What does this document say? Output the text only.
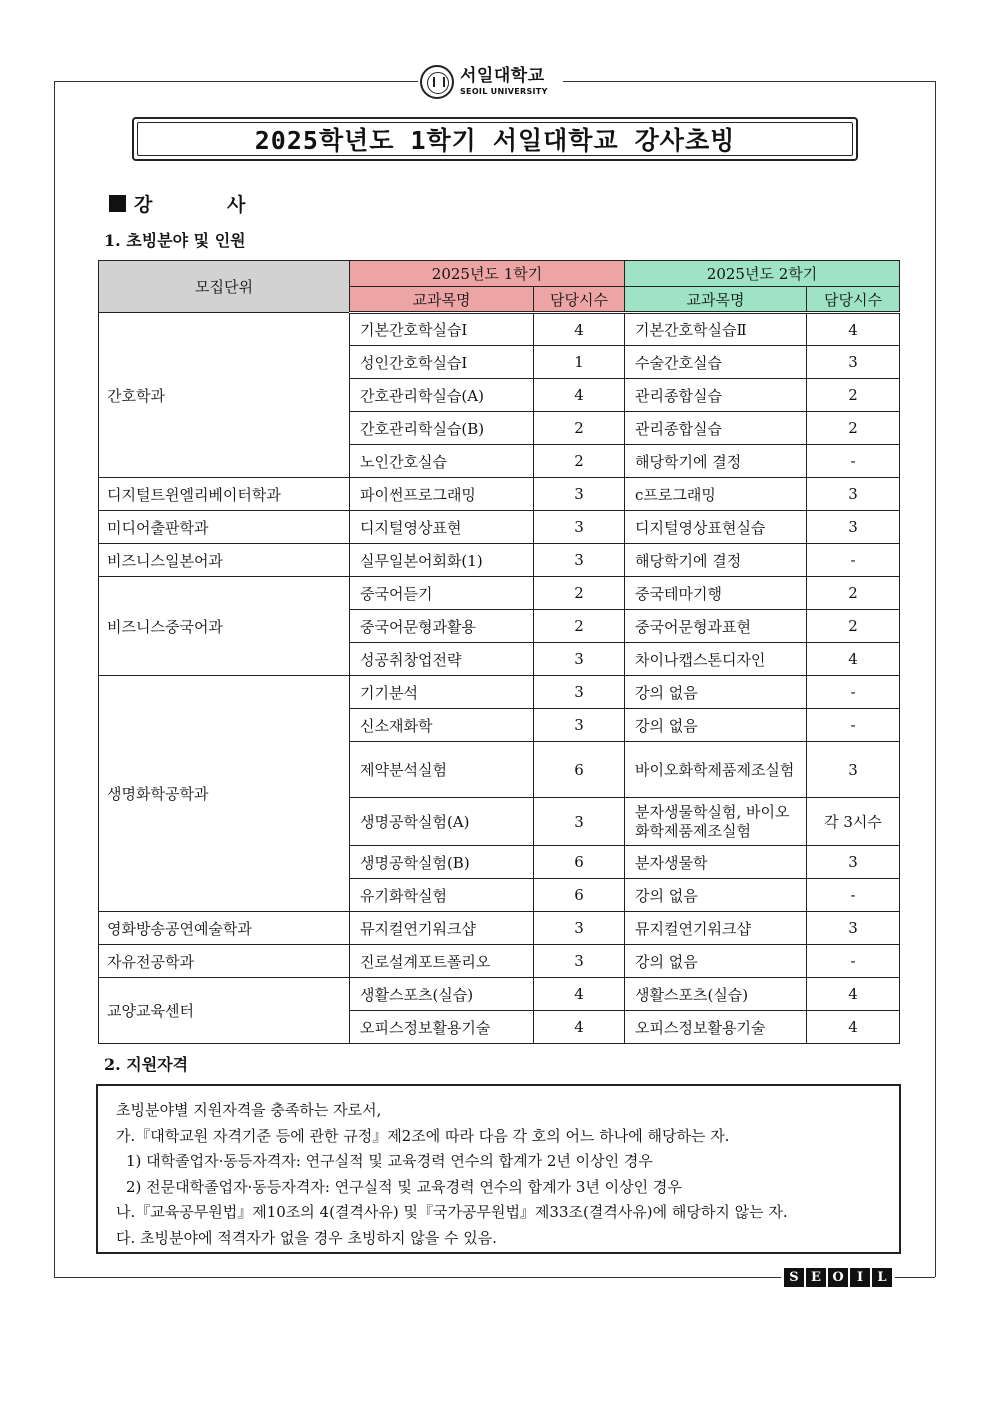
서일대학교
SEOIL UNIVERSITY
2025학년도 1학기 서일대학교 강사초빙
강 사
1. 초빙분야 및 인원
모집단위	2025년도 1학기		2025년도 2학기	
	교과목명	담당시수	교과목명	담당시수
간호학과	기본간호학실습Ⅰ	4	기본간호학실습Ⅱ	4
	성인간호학실습Ⅰ	1	수술간호실습	3
	간호관리학실습(A)	4	관리종합실습	2
	간호관리학실습(B)	2	관리종합실습	2
	노인간호실습	2	해당학기에 결정	-
디지털트윈엘리베이터학과	파이썬프로그래밍	3	c프로그래밍	3
미디어출판학과	디지털영상표현	3	디지털영상표현실습	3
비즈니스일본어과	실무일본어회화(1)	3	해당학기에 결정	-
비즈니스중국어과	중국어듣기	2	중국테마기행	2
	중국어문형과활용	2	중국어문형과표현	2
	성공취창업전략	3	차이나캡스톤디자인	4
생명화학공학과	기기분석	3	강의 없음	-
	신소재화학	3	강의 없음	-
	제약분석실험	6	바이오화학제품제조실험	3
	생명공학실험(A)	3	분자생물학실험, 바이오화학제품제조실험	각 3시수
	생명공학실험(B)	6	분자생물학	3
	유기화학실험	6	강의 없음	-
영화방송공연예술학과	뮤지컬연기워크샵	3	뮤지컬연기워크샵	3
자유전공학과	진로설계포트폴리오	3	강의 없음	-
교양교육센터	생활스포츠(실습)	4	생활스포츠(실습)	4
	오피스정보활용기술	4	오피스정보활용기술	4
2. 지원자격

초빙분야별 지원자격을 충족하는 자로서,

가.『대학교원 자격기준 등에 관한 규정』제2조에 따라 다음 각 호의 어느 하나에 해당하는 자.

1) 대학졸업자·동등자격자: 연구실적 및 교육경력 연수의 합계가 2년 이상인 경우

2) 전문대학졸업자·동등자격자: 연구실적 및 교육경력 연수의 합계가 3년 이상인 경우

나.『교육공무원법』제10조의 4(결격사유) 및『국가공무원법』제33조(결격사유)에 해당하지 않는 자.

다. 초빙분야에 적격자가 없을 경우 초빙하지 않을 수 있음.

S E O	I	L
